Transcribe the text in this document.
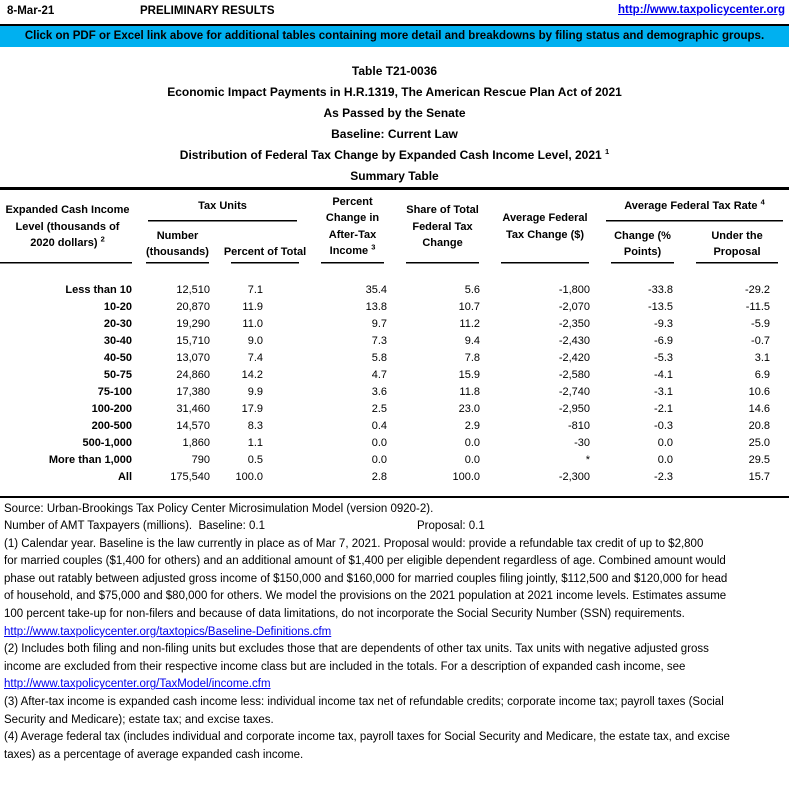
8-Mar-21	PRELIMINARY RESULTS	http://www.taxpolicycenter.org
Click on PDF or Excel link above for additional tables containing more detail and breakdowns by filing status and demographic groups.
Table T21-0036
Economic Impact Payments in H.R.1319, The American Rescue Plan Act of 2021
As Passed by the Senate
Baseline: Current Law
Distribution of Federal Tax Change by Expanded Cash Income Level, 2021 $^1$
Summary Table
Expanded Cash Income Level (thousands of 2020 dollars) $^2$	Tax Units		Percent Change in After-Tax Income $^3$	Share of Total Federal Tax Change	Average Federal Tax Change ($)	Average Federal Tax Rate $^4$
	Number (thousands)	Percent of Total				Change (% Points)	Under the Proposal
Less than 10	12,510	7.1	35.4	5.6	-1,800	-33.8	-29.2
10-20	20,870	11.9	13.8	10.7	-2,070	-13.5	-11.5
20-30	19,290	11.0	9.7	11.2	-2,350	-9.3	-5.9
30-40	15,710	9.0	7.3	9.4	-2,430	-6.9	-0.7
40-50	13,070	7.4	5.8	7.8	-2,420	-5.3	3.1
50-75	24,860	14.2	4.7	15.9	-2,580	-4.1	6.9
75-100	17,380	9.9	3.6	11.8	-2,740	-3.1	10.6
100-200	31,460	17.9	2.5	23.0	-2,950	-2.1	14.6
200-500	14,570	8.3	0.4	2.9	-810	-0.3	20.8
500-1,000	1,860	1.1	0.0	0.0	-30	0.0	25.0
More than 1,000	790	0.5	0.0	0.0	*	0.0	29.5
All	175,540	100.0	2.8	100.0	-2,300	-2.3	15.7
Source: Urban-Brookings Tax Policy Center Microsimulation Model (version 0920-2).
Number of AMT Taxpayers (millions).  Baseline: 0.1	Proposal: 0.1
(1) Calendar year. Baseline is the law currently in place as of Mar 7, 2021. Proposal would: provide a refundable tax credit of up to $2,800
for married couples ($1,400 for others) and an additional amount of $1,400 per eligible dependent regardless of age. Combined amount would
phase out ratably between adjusted gross income of $150,000 and $160,000 for married couples filing jointly, $112,500 and $120,000 for head
of household, and $75,000 and $80,000 for others. We model the provisions on the 2021 population at 2021 income levels. Estimates assume
100 percent take-up for non-filers and because of data limitations, do not incorporate the Social Security Number (SSN) requirements.
http://www.taxpolicycenter.org/taxtopics/Baseline-Definitions.cfm
(2) Includes both filing and non-filing units but excludes those that are dependents of other tax units. Tax units with negative adjusted gross
income are excluded from their respective income class but are included in the totals. For a description of expanded cash income, see
http://www.taxpolicycenter.org/TaxModel/income.cfm
(3) After-tax income is expanded cash income less: individual income tax net of refundable credits; corporate income tax; payroll taxes (Social
Security and Medicare); estate tax; and excise taxes.
(4) Average federal tax (includes individual and corporate income tax, payroll taxes for Social Security and Medicare, the estate tax, and excise
taxes) as a percentage of average expanded cash income.
